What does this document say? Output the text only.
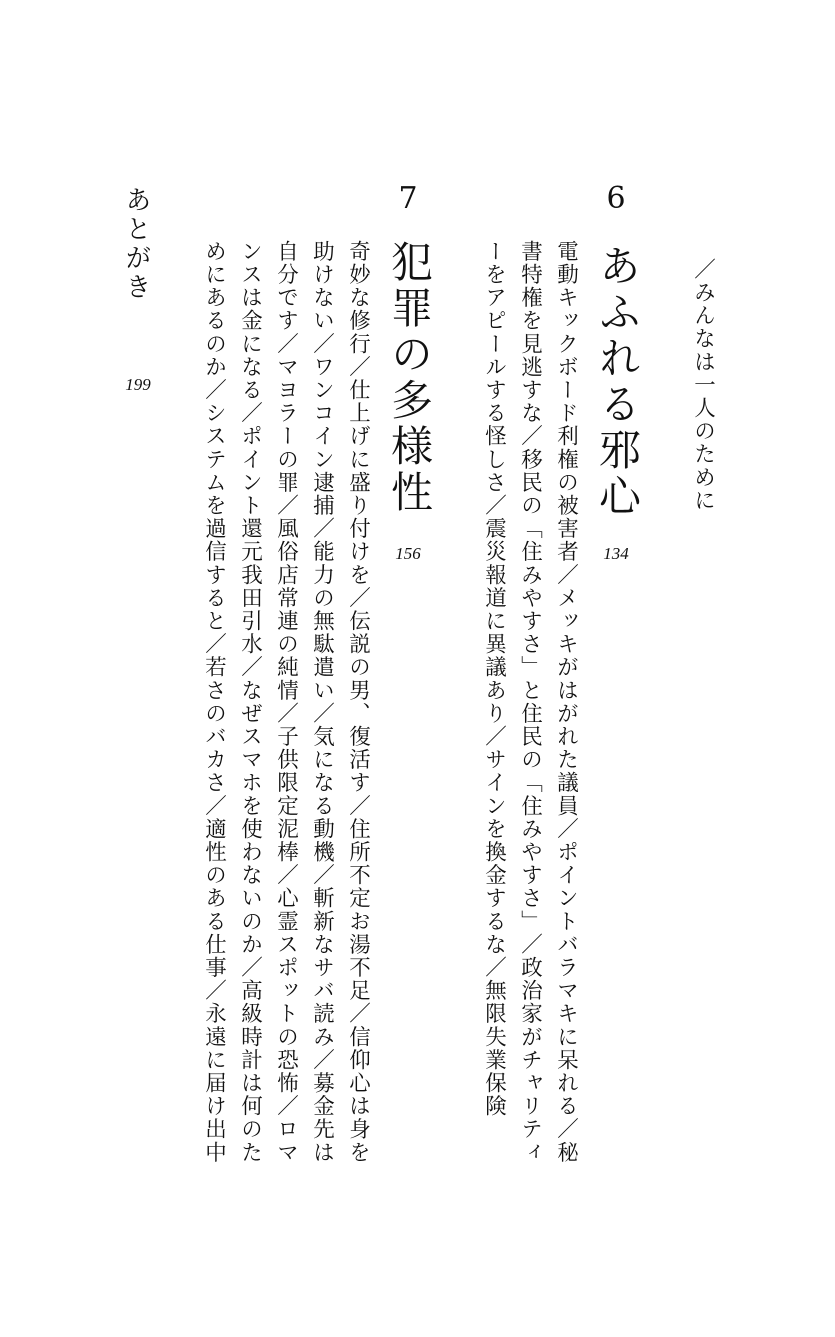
／みんなは一人のために
6
あふれる邪心
134
電動キックボード利権の被害者／メッキがはがれた議員／ポイントバラマキに呆れる／秘
書特権を見逃すな／移民の「住みやすさ」と住民の「住みやすさ」／政治家がチャリティ
ーをアピールする怪しさ／震災報道に異議あり／サインを換金するな／無限失業保険
7
犯罪の多様性
156
奇妙な修行／仕上げに盛り付けを／伝説の男、復活す／住所不定お湯不足／信仰心は身を
助けない／ワンコイン逮捕／能力の無駄遣い／気になる動機／斬新なサバ読み／募金先は
自分です／マヨラーの罪／風俗店常連の純情／子供限定泥棒／心霊スポットの恐怖／ロマ
ンスは金になる／ポイント還元我田引水／なぜスマホを使わないのか／高級時計は何のた
めにあるのか／システムを過信すると／若さのバカさ／適性のある仕事／永遠に届け出中
あとがき
199
